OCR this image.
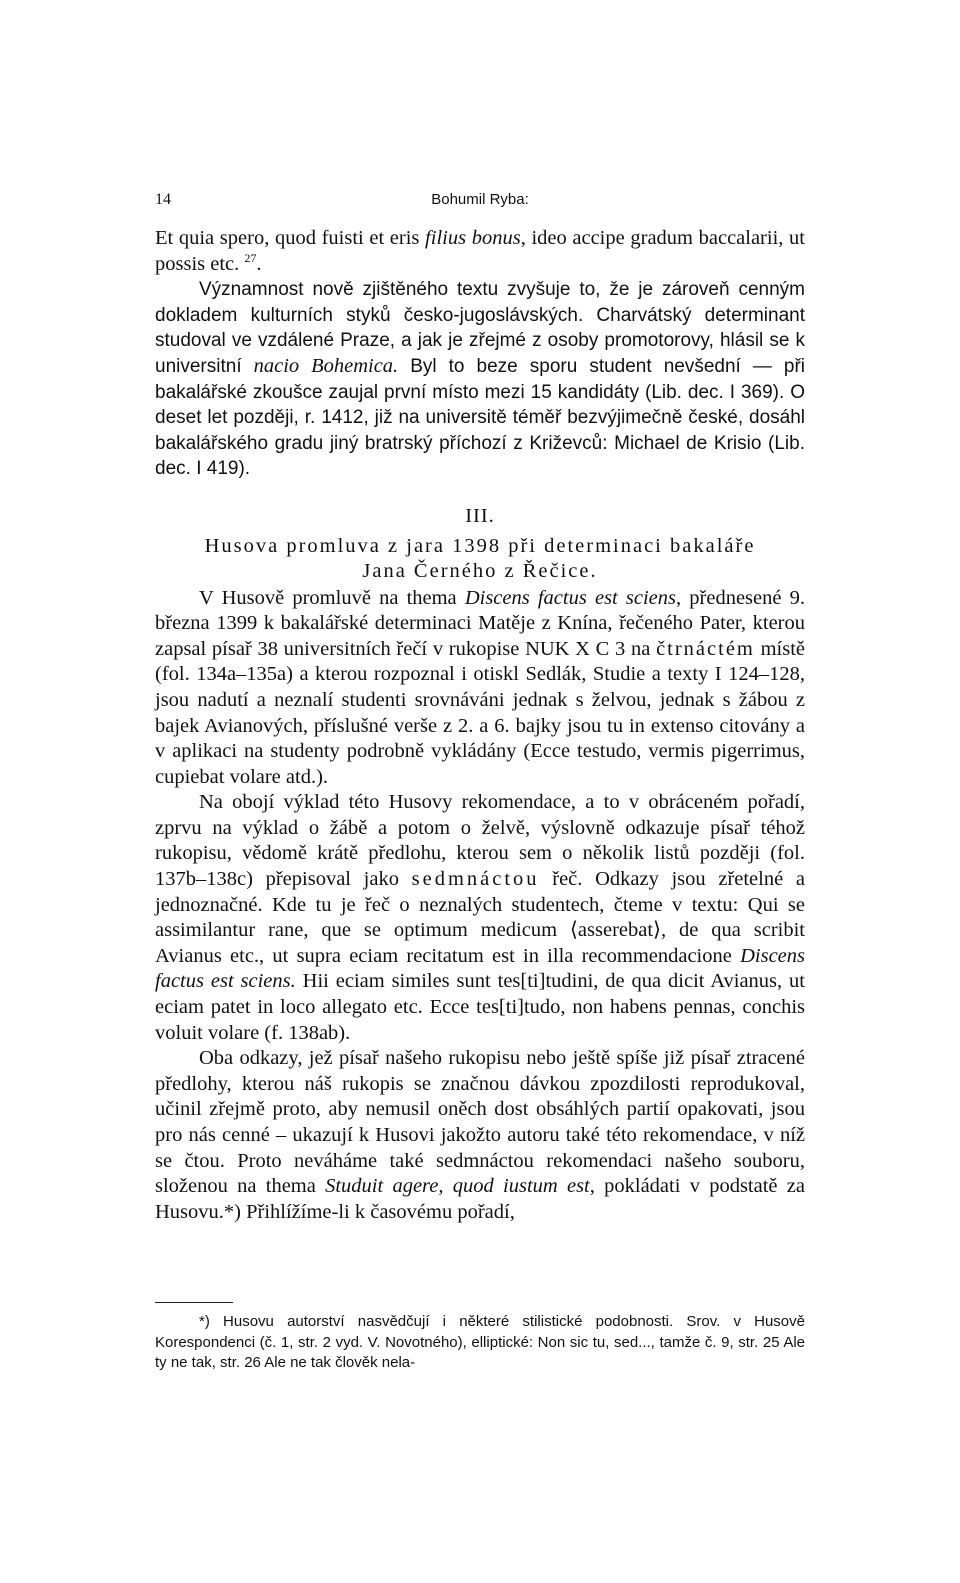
14	Bohumil Ryba:

Et quia spero, quod fuisti et eris filius bonus, ideo accipe gradum baccalarii, ut possis etc. $^{27}$.

Významnost nově zjištěného textu zvyšuje to, že je zároveň cenným dokladem kulturních styků česko-jugoslávských. Charvátský determinant studoval ve vzdálené Praze, a jak je zřejmé z osoby promotorovy, hlásil se k universitní nacio Bohemica. Byl to beze sporu student nevšední — při bakalářské zkoušce zaujal první místo mezi 15 kandidáty (Lib. dec. I 369). O deset let později, r. 1412, již na universitě téměř bezvýjimečně české, dosáhl bakalářského gradu jiný bratrský příchozí z Križevců: Michael de Krisio (Lib. dec. I 419).

III.

Husova promluva z jara 1398 při determinaci bakaláře
Jana Černého z Řečice.

V Husově promluvě na thema Discens factus est sciens, přednesené 9. března 1399 k bakalářské determinaci Matěje z Knína, řečeného Pater, kterou zapsal písař 38 universitních řečí v rukopise NUK X C 3 na čtrnáctém místě (fol. 134a–135a) a kterou rozpoznal i otiskl Sedlák, Studie a texty I 124–128, jsou nadutí a neznalí studenti srovnáváni jednak s želvou, jednak s žábou z bajek Avianových, příslušné verše z 2. a 6. bajky jsou tu in extenso citovány a v aplikaci na studenty podrobně vykládány (Ecce testudo, vermis pigerrimus, cupiebat volare atd.).

Na obojí výklad této Husovy rekomendace, a to v obráceném pořadí, zprvu na výklad o žábě a potom o želvě, výslovně odkazuje písař téhož rukopisu, vědomě krátě předlohu, kterou sem o několik listů později (fol. 137b–138c) přepisoval jako sedmnáctou řeč. Odkazy jsou zřetelné a jednoznačné. Kde tu je řeč o neznalých studentech, čteme v textu: Qui se assimilantur rane, que se optimum medicum ⟨asserebat⟩, de qua scribit Avianus etc., ut supra eciam recitatum est in illa recommendacione Discens factus est sciens. Hii eciam similes sunt tes[ti]tudini, de qua dicit Avianus, ut eciam patet in loco allegato etc. Ecce tes[ti]tudo, non habens pennas, conchis voluit volare (f. 138ab).

Oba odkazy, jež písař našeho rukopisu nebo ještě spíše již písař ztracené předlohy, kterou náš rukopis se značnou dávkou zpozdilosti reprodukoval, učinil zřejmě proto, aby nemusil oněch dost obsáhlých partií opakovati, jsou pro nás cenné – ukazují k Husovi jakožto autoru také této rekomendace, v níž se čtou. Proto neváháme také sedmnáctou rekomendaci našeho souboru, složenou na thema Studuit agere, quod iustum est, pokládati v podstatě za Husovu.*) Přihlížíme-li k časovému pořadí,

*) Husovu autorství nasvědčují i některé stilistické podobnosti. Srov. v Husově Korespondenci (č. 1, str. 2 vyd. V. Novotného), elliptické: Non sic tu, sed..., tamže č. 9, str. 25 Ale ty ne tak, str. 26 Ale ne tak člověk nela-
